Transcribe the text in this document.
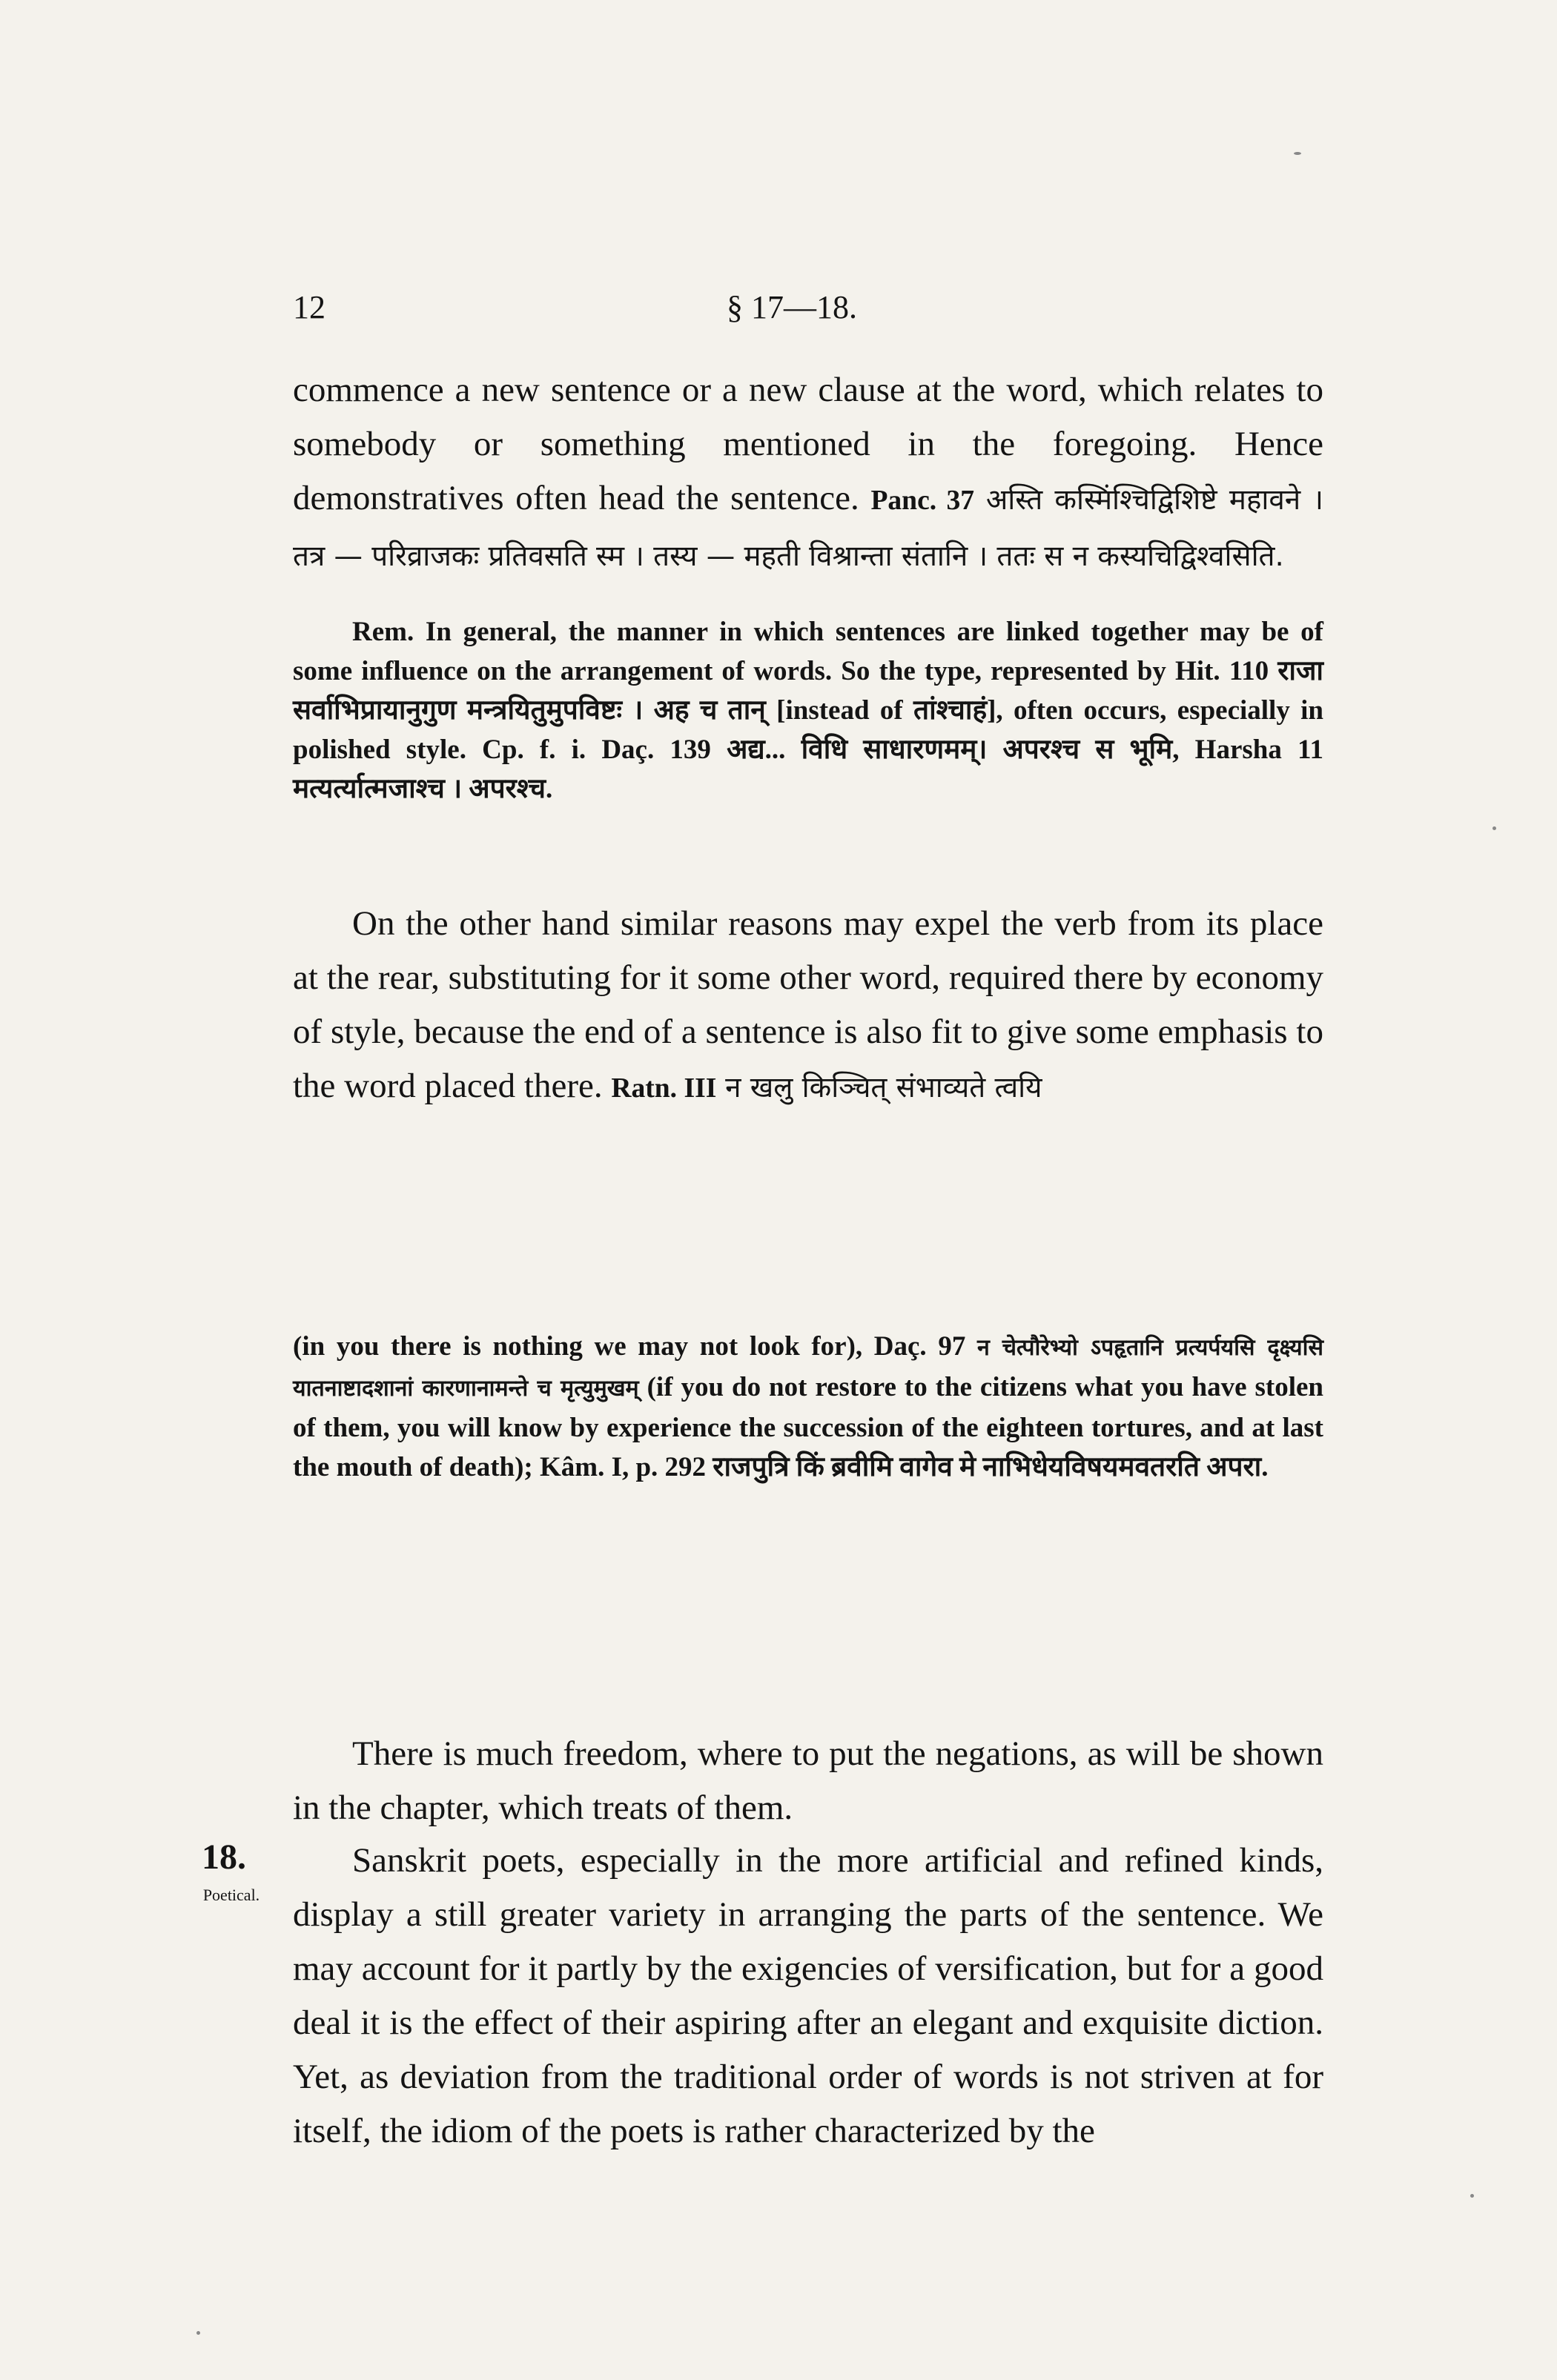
12	§ 17—18.
commence a new sentence or a new clause at the word, which relates to somebody or something mentioned in the foregoing. Hence demonstratives often head the sentence. Panc. 37 अस्ति कस्मिंश्चिद्विशिष्टे महावने । तत्र — परिव्राजकः प्रतिवसति स्म । तस्य — महती विश्रान्ता संतानि । ततः स न कस्यचिद्विश्वसिति.
Rem. In general, the manner in which sentences are linked together may be of some influence on the arrangement of words. So the type, represented by Hit. 110 राजा सर्वाभिप्रायानुगुण मन्त्रयितुमुपविष्टः । अह च तान् [instead of तांश्चाहं], often occurs, especially in polished style. Cp. f. i. Daç. 139 अद्य... विधि साधारणमम्। अपरश्च स भूमि, Harsha 11 मत्यर्त्यात्मजाश्च । अपरश्च.
On the other hand similar reasons may expel the verb from its place at the rear, substituting for it some other word, required there by economy of style, because the end of a sentence is also fit to give some emphasis to the word placed there. Ratn. III न खलु किञ्चित् संभाव्यते त्वयि
(in you there is nothing we may not look for), Daç. 97 न चेत्पौरेभ्यो ऽपहृतानि प्रत्यर्पयसि दृक्ष्यसि यातनाष्टादशानां कारणानामन्ते च मृत्युमुखम् (if you do not restore to the citizens what you have stolen of them, you will know by experience the succession of the eighteen tortures, and at last the mouth of death); Kâm. I, p. 292 राजपुत्रि किं ब्रवीमि वागेव मे नाभिधेयविषयमवतरति अपरा.
There is much freedom, where to put the negations, as will be shown in the chapter, which treats of them.
Sanskrit poets, especially in the more artificial and refined kinds, display a still greater variety in arranging the parts of the sentence. We may account for it partly by the exigencies of versification, but for a good deal it is the effect of their aspiring after an elegant and exquisite diction. Yet, as deviation from the traditional order of words is not striven at for itself, the idiom of the poets is rather characterized by the
18.
Poetical.
